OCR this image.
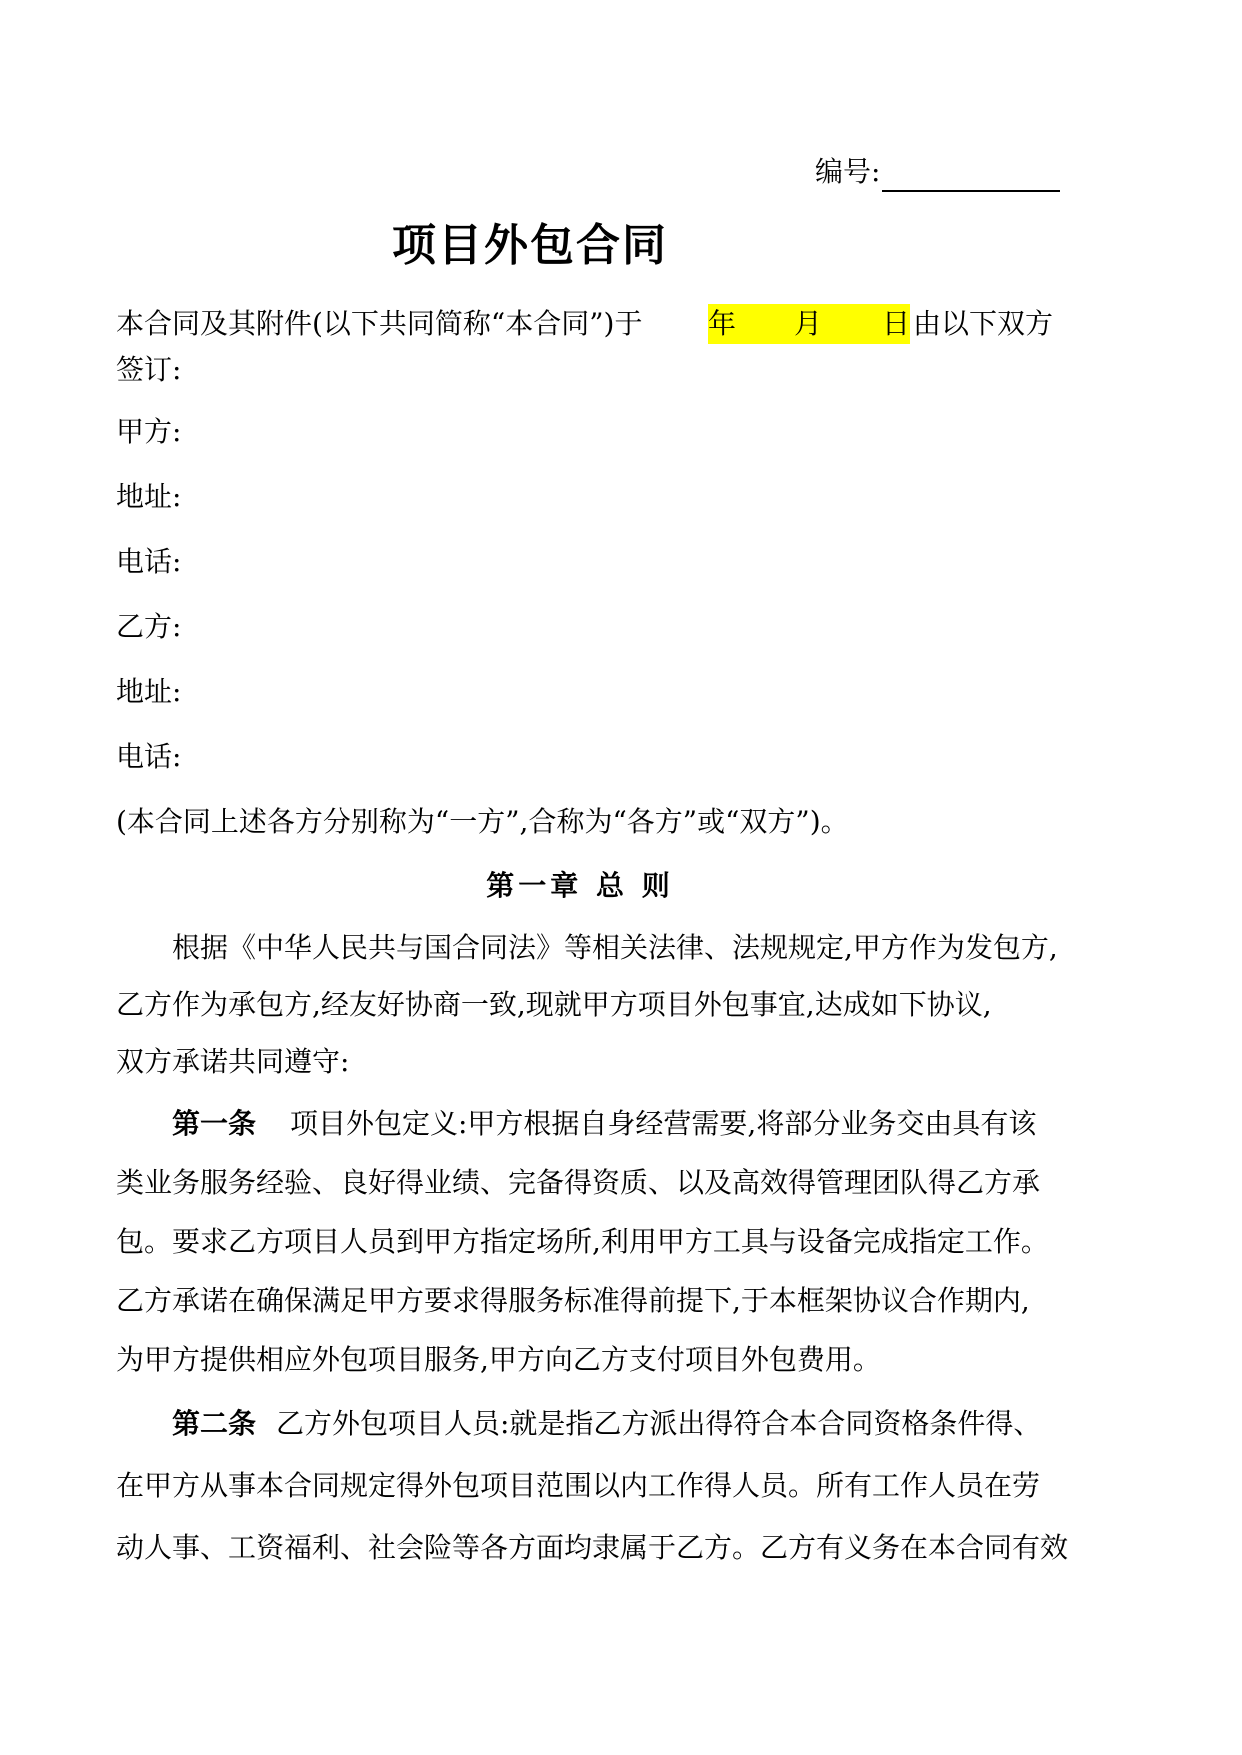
编号:
项目外包合同
本合同及其附件(以下共同简称“本合同”)于 年 月 日 由以下双方
签订:
甲方:
地址:
电话:
乙方:
地址:
电话:
(本合同上述各方分别称为“一方”,合称为“各方”或“双方”)。
第一章 总 则
根据《中华人民共与国合同法》等相关法律、法规规定,甲方作为发包方,
乙方作为承包方,经友好协商一致,现就甲方项目外包事宜,达成如下协议,
双方承诺共同遵守:
第一条 项目外包定义:甲方根据自身经营需要,将部分业务交由具有该
类业务服务经验、良好得业绩、完备得资质、以及高效得管理团队得乙方承
包。要求乙方项目人员到甲方指定场所,利用甲方工具与设备完成指定工作。
乙方承诺在确保满足甲方要求得服务标准得前提下,于本框架协议合作期内,
为甲方提供相应外包项目服务,甲方向乙方支付项目外包费用。
第二条 乙方外包项目人员:就是指乙方派出得符合本合同资格条件得、
在甲方从事本合同规定得外包项目范围以内工作得人员。所有工作人员在劳
动人事、工资福利、社会险等各方面均隶属于乙方。乙方有义务在本合同有效
